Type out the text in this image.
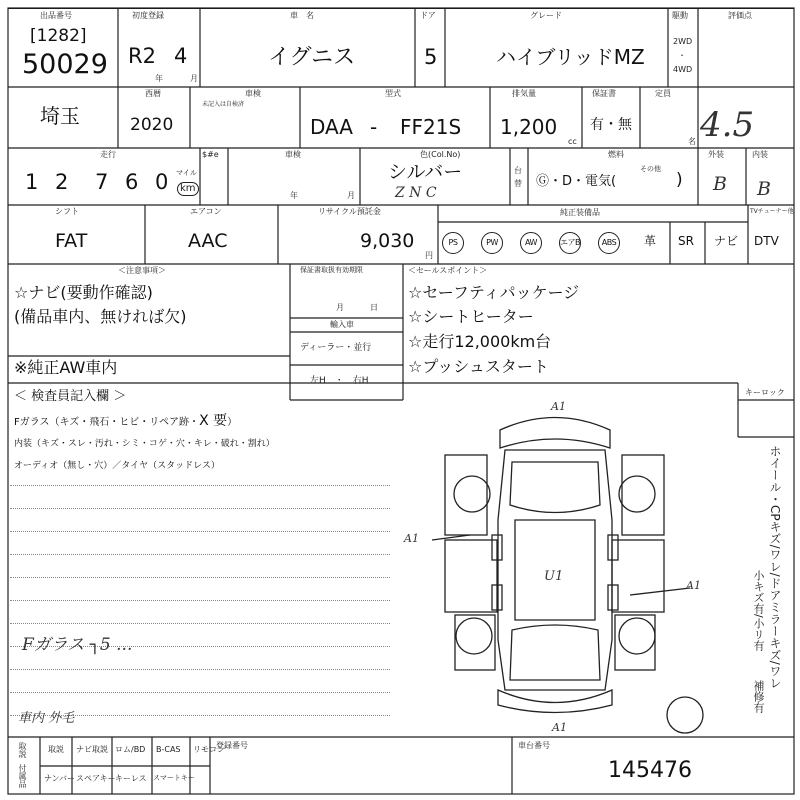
出品番号
[1282]
50029
初度登録
R2 4
年	月
車　名
イグニス
ドア
5
グレード
ハイブリッドMZ
駆動
2WD
・
4WD
評価点
4.5
埼玉
西暦
2020
車検
未記入は自検済
型式
DAA - FF21S
排気量
1,200
cc
保証書
有・無
定員
名
走行
1 2 7 6 0 マイル
km
$#e	車検
年	月
色(Col.No)
シルバー
Z N C
台替
燃料
Ⓖ・D・電気(
その他
)
外装	内装
B B
シフト
FAT
エアコン
AAC
リサイクル預託金
9,030
円
純正装備品	TVチューナー他
PS	PW	AW	エアB	ABS	革 SR ナビ DTV
＜注意事項＞
☆ナビ(要動作確認)
(備品車内、無ければ欠)
※純正AW車内
保証書取扱有効期限
月	日
輸入車
ディーラー・並行
左H　・　右H
＜セールスポイント＞
☆セーフティパッケージ
☆シートヒーター
☆走行12,000km台
☆プッシュスタート
＜ 検査員記入欄 ＞
Fガラス（キズ・飛石・ヒビ・リペア跡・X 要）
内装（キズ・スレ・汚れ・シミ・コゲ・穴・キレ・破れ・割れ）
オーディオ（無し・穴）／タイヤ（スタッドレス）
Fガラス ┐5 ...
車内 外毛
キーロック
A1
A1
U1
A1
A1
ホイール・CPキズ/ワレ/ドアミラーキズ/ワレ
小キズ有/小リ有
補修有
取説
付属品
取説 ナビ取説 ロム/BD B-CAS リモコン
ナンバー スペアキー キーレス スマートキー
登録番号	車台番号
145476
